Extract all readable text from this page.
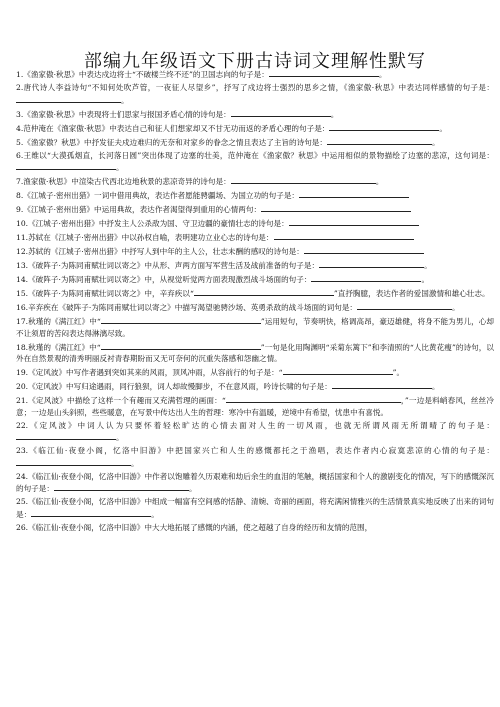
部编九年级语文下册古诗词文理解性默写

1.《渔家傲·秋思》中表达戍边将士“不破楼兰终不还”的卫国志向的句子是：	。

2.唐代诗人李益诗句“不知何处吹芦管，一夜征人尽望乡”，抒写了戍边将士强烈的思乡之情，《渔家傲·秋思》中表达同样感情的句子是：。

3.《渔家傲·秋思》中表现将士们思家与报国矛盾心情的诗句是：	。

4.范仲淹在《渔家傲·秋思》中表达自己和征人们想家却又不甘无功而返的矛盾心理的句子是：	。

5.《渔家傲？秋思》中抒发征夫戍边难归的无奈和对家乡的眷念之情且表达了主旨的诗句是：	。

6.王维以“大漠孤烟直，长河落日圆”突出体现了边塞的壮美，范仲淹在《渔家傲？秋思》中运用相似的景物描绘了边塞的悲凉，这句词是：。

7.渔家傲·秋思》中渲染古代西北边地秋景的悲凉奇异的诗句是：	。

8.《江城子·密州出猎》一词中借用典故，表达作者愿能骋疆场、为国立功的句子是：

9.《江城子·密州出猎》中运用典故，表达作者渴望得到重用的心情两句：

10.《江城子·密州出猎》中抒发主人公杀敌为国、守卫边疆的豪情壮志的诗句是：

11.苏轼在《江城子·密州出猎》中以孙权自喻，表明建功立业心志的诗句是：

12.苏轼的《江城子·密州出猎》中抒写人到中年的主人公，壮志未酬的感叹的诗句是：

13.《破阵子·为陈同甫赋壮词以寄之》中从形、声两方面写军营生活及战前准备的句子是：	。

14.《破阵子·为陈同甫赋壮词以寄之》中，从视觉听觉两方面表现激烈战斗场面的句子：	。

15.《破阵子·为陈同甫赋壮词以寄之》中，辛弃疾以“	”直抒胸臆，表达作者的爱国激情和雄心壮志。

16.辛弃疾在《破阵子·为陈同甫赋壮词以寄之》中描写渴望驰骋沙场、英勇杀敌的战斗场面的词句是：	。

17.秋瑾的《满江红》中“	”运用短句，节奏明快，格调高昂，豪迈雄健，将身不能为男儿，心却不让须眉的苦闷表达得淋漓尽致。

18.秋瑾的《满江红》中“	”一句是化用陶渊明“采菊东篱下”和李清照的“人比黄花瘦”的诗句，以外在自然景观的清秀明丽反衬青春期盼而又无可奈何的沉重失落感和怨幽之情。

19.《定风波》中写作者遇到突如其来的风雨，顶风冲雨，从容前行的句子是：“	”。

20.《定风波》中写归途遇雨，同行狼狈，词人却故慢脚步，不在意风雨，吟诗长啸的句子是：	。

21.《定风波》中描绘了这样一个有趣而又充满哲理的画面：“	，”一边是料峭春风，丝丝冷意；一边是山头斜照，些些暖意，在写景中传达出人生的哲理：寒冷中有温暖，逆境中有希望，忧患中有喜悦。

22.《定风波》中词人认为只要怀着轻松旷达的心情去面对人生的一切风雨，也就无所谓风雨无所谓晴了的句子是：。

23.《临江仙·夜登小阁，忆洛中旧游》中把国家兴亡和人生的感慨都托之于渔唱，表达作者内心寂寞悲凉的心情的句子是：。

24.《临江仙·夜登小阁，忆洛中旧游》中作者以饱雕着久历艰难和劫后余生的血泪的笔触，概括国家和个人的激剧变化的情况，写下的感慨深沉的句子是：	。

25.《临江仙·夜登小阁，忆洛中旧游》中组成一幅富有空间感的恬静、清婉、奇丽的画面，将充满闲情雅兴的生活情景真实地反映了出来的词句是：	。

26.《临江仙·夜登小阁，忆洛中旧游》中大大地拓展了感慨的内涵，使之超越了自身的经历和友情的范围，
